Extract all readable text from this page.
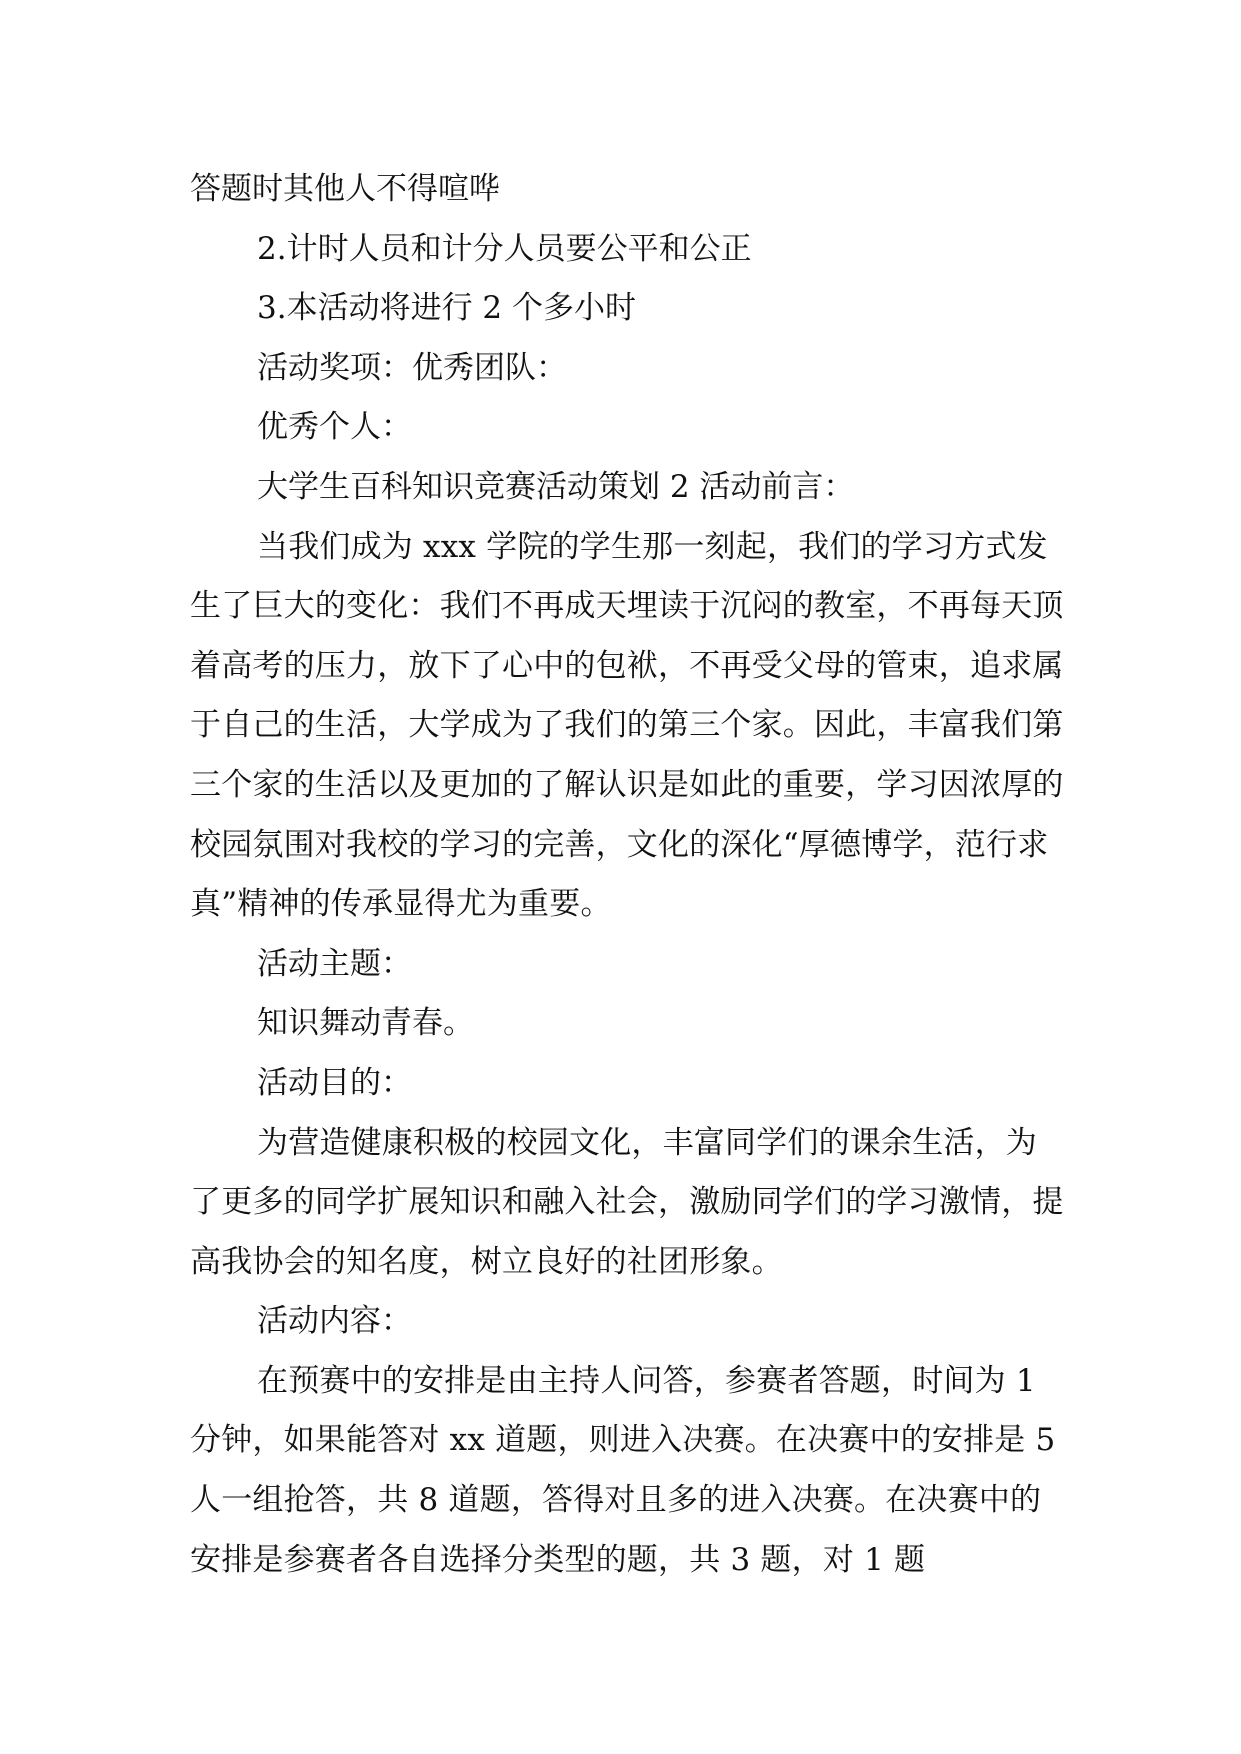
答题时其他人不得喧哗

2.计时人员和计分人员要公平和公正

3.本活动将进行 2 个多小时

活动奖项：优秀团队：

优秀个人：

大学生百科知识竞赛活动策划 2 活动前言：

当我们成为 xxx 学院的学生那一刻起，我们的学习方式发生了巨大的变化：我们不再成天埋读于沉闷的教室，不再每天顶着高考的压力，放下了心中的包袱，不再受父母的管束，追求属于自己的生活，大学成为了我们的第三个家。因此，丰富我们第三个家的生活以及更加的了解认识是如此的重要，学习因浓厚的校园氛围对我校的学习的完善，文化的深化“厚德博学，范行求真”精神的传承显得尤为重要。

活动主题：

知识舞动青春。

活动目的：

为营造健康积极的校园文化，丰富同学们的课余生活，为了更多的同学扩展知识和融入社会，激励同学们的学习激情，提高我协会的知名度，树立良好的社团形象。

活动内容：

在预赛中的安排是由主持人问答，参赛者答题，时间为 1 分钟，如果能答对 xx 道题，则进入决赛。在决赛中的安排是 5 人一组抢答，共 8 道题，答得对且多的进入决赛。在决赛中的安排是参赛者各自选择分类型的题，共 3 题，对 1 题
